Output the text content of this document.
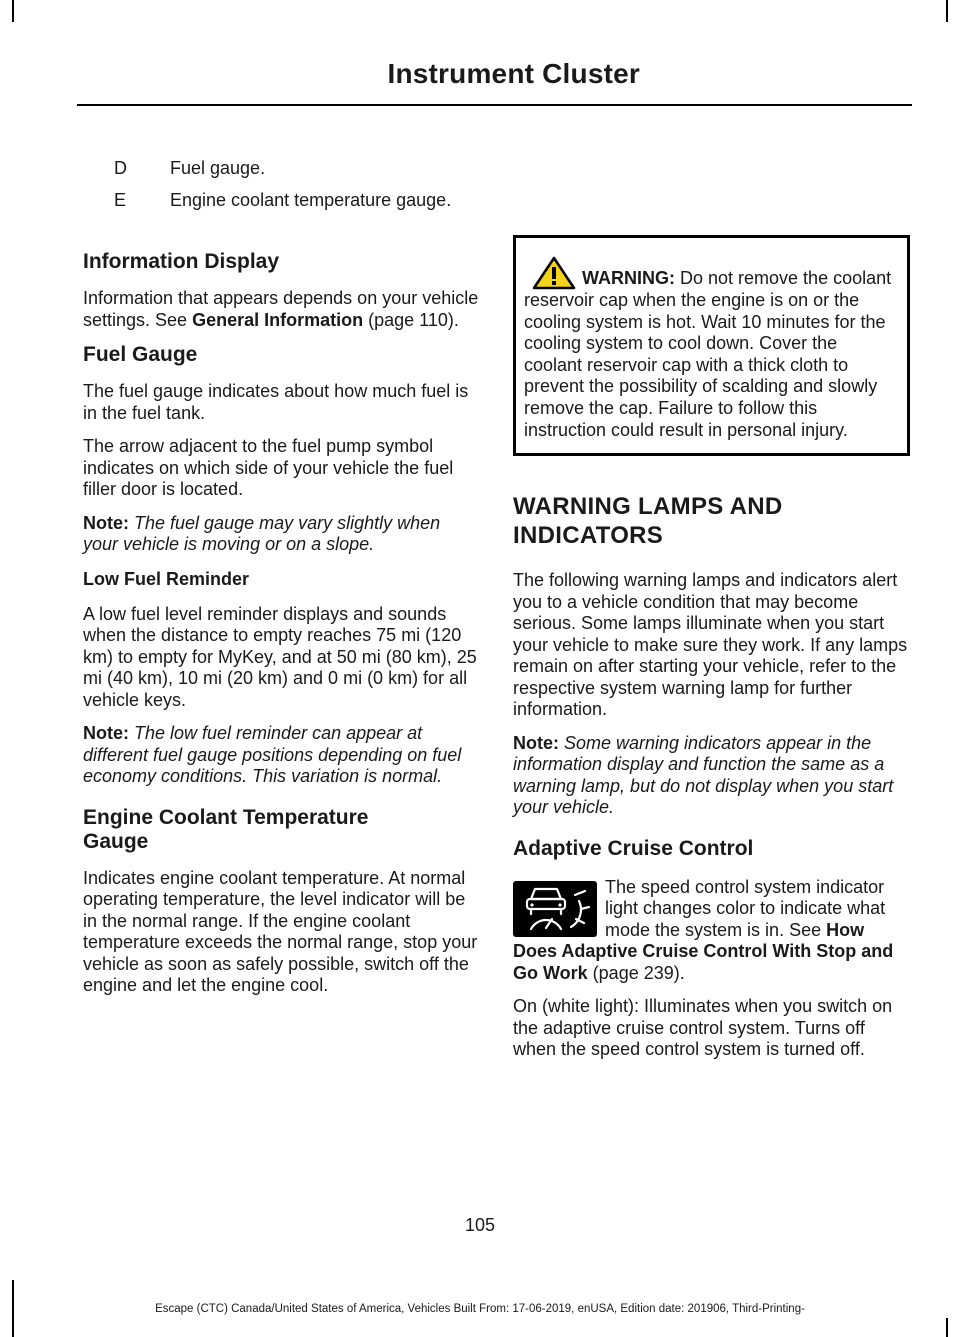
Instrument Cluster
D	Fuel gauge.
E	Engine coolant temperature gauge.
Information Display

Information that appears depends on your vehicle settings. See General Information (page 110).

Fuel Gauge

The fuel gauge indicates about how much fuel is in the fuel tank.

The arrow adjacent to the fuel pump symbol indicates on which side of your vehicle the fuel filler door is located.

Note: The fuel gauge may vary slightly when your vehicle is moving or on a slope.

Low Fuel Reminder

A low fuel level reminder displays and sounds when the distance to empty reaches 75 mi (120 km) to empty for MyKey, and at 50 mi (80 km), 25 mi (40 km), 10 mi (20 km) and 0 mi (0 km) for all vehicle keys.

Note: The low fuel reminder can appear at different fuel gauge positions depending on fuel economy conditions. This variation is normal.

Engine Coolant Temperature Gauge

Indicates engine coolant temperature. At normal operating temperature, the level indicator will be in the normal range. If the engine coolant temperature exceeds the normal range, stop your vehicle as soon as safely possible, switch off the engine and let the engine cool.

WARNING: Do not remove the coolant reservoir cap when the engine is on or the cooling system is hot. Wait 10 minutes for the cooling system to cool down. Cover the coolant reservoir cap with a thick cloth to prevent the possibility of scalding and slowly remove the cap. Failure to follow this instruction could result in personal injury.
WARNING LAMPS AND
INDICATORS

The following warning lamps and indicators alert you to a vehicle condition that may become serious. Some lamps illuminate when you start your vehicle to make sure they work. If any lamps remain on after starting your vehicle, refer to the respective system warning lamp for further information.

Note: Some warning indicators appear in the information display and function the same as a warning lamp, but do not display when you start your vehicle.

Adaptive Cruise Control

The speed control system indicator light changes color to indicate what mode the system is in. See How Does Adaptive Cruise Control With Stop and Go Work (page 239).

On (white light): Illuminates when you switch on the adaptive cruise control system. Turns off when the speed control system is turned off.

105
Escape (CTC) Canada/United States of America, Vehicles Built From: 17-06-2019, enUSA, Edition date: 201906, Third-Printing-
